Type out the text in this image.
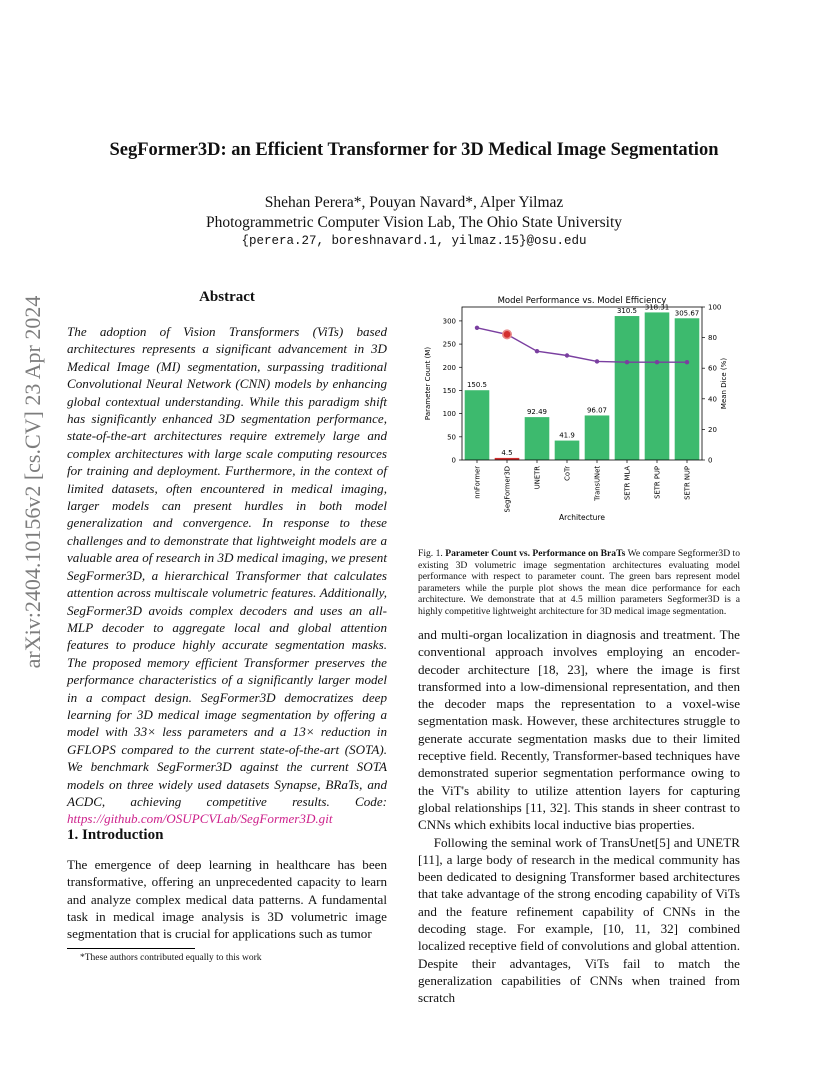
arXiv:2404.10156v2 [cs.CV] 23 Apr 2024
SegFormer3D: an Efficient Transformer for 3D Medical Image Segmentation
Shehan Perera*, Pouyan Navard*, Alper Yilmaz
Photogrammetric Computer Vision Lab, The Ohio State University
{perera.27, boreshnavard.1, yilmaz.15}@osu.edu
Abstract
The adoption of Vision Transformers (ViTs) based architectures represents a significant advancement in 3D Medical Image (MI) segmentation, surpassing traditional Convolutional Neural Network (CNN) models by enhancing global contextual understanding. While this paradigm shift has significantly enhanced 3D segmentation performance, state-of-the-art architectures require extremely large and complex architectures with large scale computing resources for training and deployment. Furthermore, in the context of limited datasets, often encountered in medical imaging, larger models can present hurdles in both model generalization and convergence. In response to these challenges and to demonstrate that lightweight models are a valuable area of research in 3D medical imaging, we present SegFormer3D, a hierarchical Transformer that calculates attention across multiscale volumetric features. Additionally, SegFormer3D avoids complex decoders and uses an all-MLP decoder to aggregate local and global attention features to produce highly accurate segmentation masks. The proposed memory efficient Transformer preserves the performance characteristics of a significantly larger model in a compact design. SegFormer3D democratizes deep learning for 3D medical image segmentation by offering a model with 33× less parameters and a 13× reduction in GFLOPS compared to the current state-of-the-art (SOTA). We benchmark SegFormer3D against the current SOTA models on three widely used datasets Synapse, BRaTs, and ACDC, achieving competitive results. Code: https://github.com/OSUPCVLab/SegFormer3D.git
1. Introduction
The emergence of deep learning in healthcare has been transformative, offering an unprecedented capacity to learn and analyze complex medical data patterns. A fundamental task in medical image analysis is 3D volumetric image segmentation that is crucial for applications such as tumor
*These authors contributed equally to this work
Model Performance vs. Model Efficiency
150.5
4.5
92.49
41.9
96.07
310.5 318.31
305.67
0
50
100
150
200
250
300
0
20
40
60
80
100
nnFormer	SegFormer3D	UNETR	CoTr	TransUNet	SETR MLA	SETR PUP	SETR NUP
Architecture
Parameter Count (M)	Mean Dice (%)
Fig. 1. Parameter Count vs. Performance on BraTs We compare Segformer3D to existing 3D volumetric image segmentation architectures evaluating model performance with respect to parameter count. The green bars represent model parameters while the purple plot shows the mean dice performance for each architecture. We demonstrate that at 4.5 million parameters Segformer3D is a highly competitive lightweight architecture for 3D medical image segmentation.

and multi-organ localization in diagnosis and treatment. The conventional approach involves employing an encoder-decoder architecture [18, 23], where the image is first transformed into a low-dimensional representation, and then the decoder maps the representation to a voxel-wise segmentation mask. However, these architectures struggle to generate accurate segmentation masks due to their limited receptive field. Recently, Transformer-based techniques have demonstrated superior segmentation performance owing to the ViT's ability to utilize attention layers for capturing global relationships [11, 32]. This stands in sheer contrast to CNNs which exhibits local inductive bias properties.

Following the seminal work of TransUnet[5] and UNETR [11], a large body of research in the medical community has been dedicated to designing Transformer based architectures that take advantage of the strong encoding capability of ViTs and the feature refinement capability of CNNs in the decoding stage. For example, [10, 11, 32] combined localized receptive field of convolutions and global attention. Despite their advantages, ViTs fail to match the generalization capabilities of CNNs when trained from scratch
